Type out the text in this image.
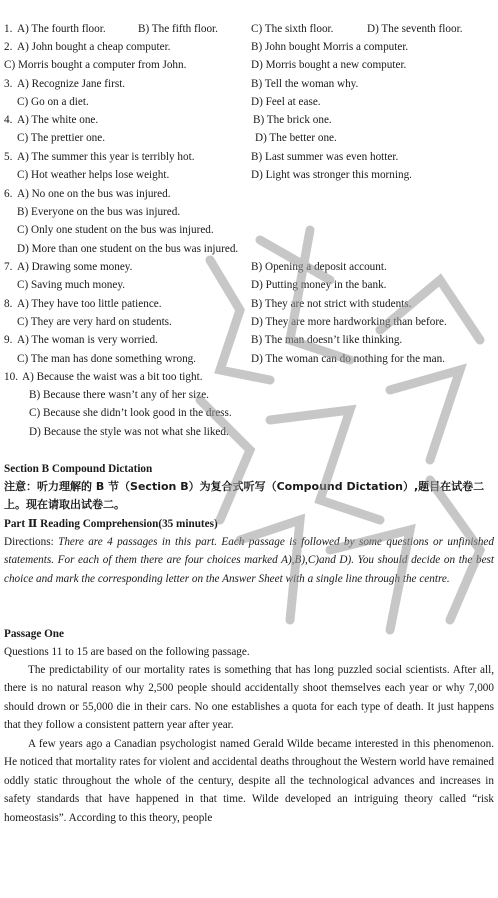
1. A) The fourth floor.	B) The fifth floor.	C) The sixth floor.	D) The seventh floor.
2. A) John bought a cheap computer.	B) John bought Morris a computer.
C) Morris bought a computer from John.	D) Morris bought a new computer.
3. A) Recognize Jane first.	B) Tell the woman why.
C) Go on a diet.	D) Feel at ease.
4. A) The white one.	B) The brick one.
C) The prettier one.	D) The better one.
5. A) The summer this year is terribly hot.	B) Last summer was even hotter.
C) Hot weather helps lose weight.	D) Light was stronger this morning.
6. A) No one on the bus was injured.
B) Everyone on the bus was injured.
C) Only one student on the bus was injured.
D) More than one student on the bus was injured.
7. A) Drawing some money.	B) Opening a deposit account.
C) Saving much money.	D) Putting money in the bank.
8. A) They have too little patience.	B) They are not strict with students.
C) They are very hard on students.	D) They are more hardworking than before.
9. A) The woman is very worried.	B) The man doesn’t like thinking.
C) The man has done something wrong.	D) The woman can do nothing for the man.
10. A) Because the waist was a bit too tight.
B) Because there wasn’t any of her size.
C) Because she didn’t look good in the dress.
D) Because the style was not what she liked.
Section B Compound Dictation
注意：听力理解的 B 节（Section B）为复合式听写（Compound Dictation）,题目在试卷二上。现在请取出试卷二。
Part Ⅱ Reading Comprehension(35 minutes)
Directions: There are 4 passages in this part. Each passage is followed by some questions or unfinished statements. For each of them there are four choices marked A),B),C)and D). You should decide on the best choice and mark the corresponding letter on the Answer Sheet with a single line through the centre.
Passage One
Questions 11 to 15 are based on the following passage.
The predictability of our mortality rates is something that has long puzzled social scientists. After all, there is no natural reason why 2,500 people should accidentally shoot themselves each year or why 7,000 should drown or 55,000 die in their cars. No one establishes a quota for each type of death. It just happens that they follow a consistent pattern year after year.
A few years ago a Canadian psychologist named Gerald Wilde became interested in this phenomenon. He noticed that mortality rates for violent and accidental deaths throughout the Western world have remained oddly static throughout the whole of the century, despite all the technological advances and increases in safety standards that have happened in that time. Wilde developed an intriguing theory called “risk homeostasis”. According to this theory, people
